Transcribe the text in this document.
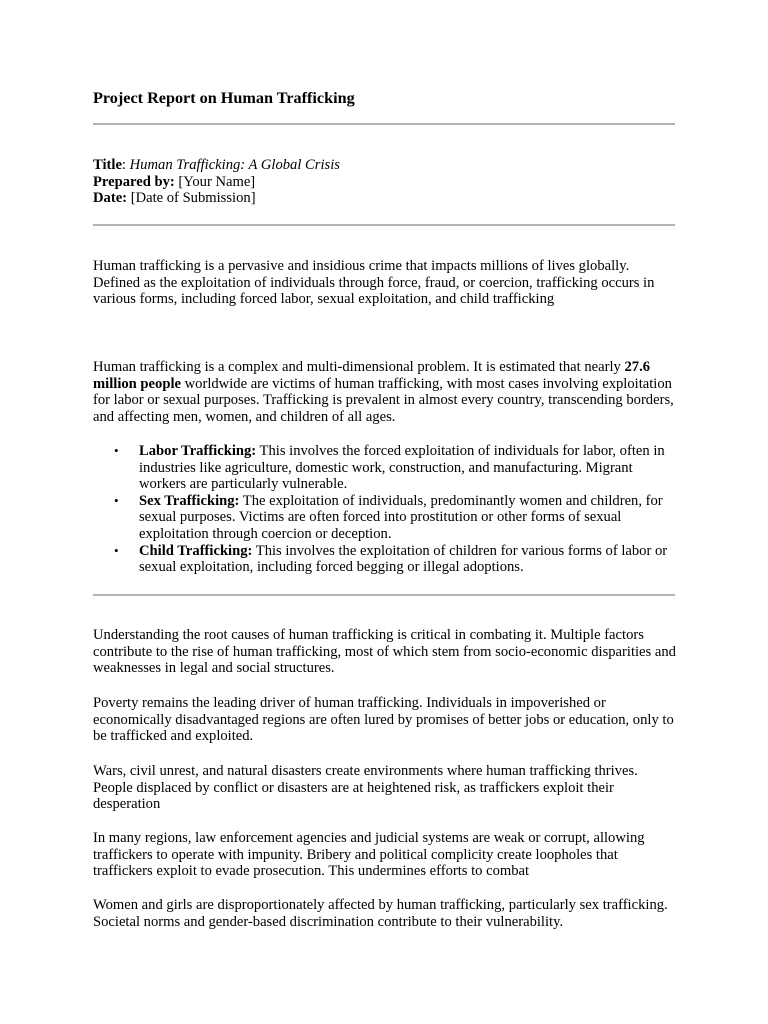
Project Report on Human Trafficking
Title: Human Trafficking: A Global Crisis
Prepared by: [Your Name]
Date: [Date of Submission]

Human trafficking is a pervasive and insidious crime that impacts millions of lives globally. Defined as the exploitation of individuals through force, fraud, or coercion, trafficking occurs in various forms, including forced labor, sexual exploitation, and child trafficking

Human trafficking is a complex and multi-dimensional problem. It is estimated that nearly 27.6 million people worldwide are victims of human trafficking, with most cases involving exploitation for labor or sexual purposes. Trafficking is prevalent in almost every country, transcending borders, and affecting men, women, and children of all ages.

• Labor Trafficking: This involves the forced exploitation of individuals for labor, often in industries like agriculture, domestic work, construction, and manufacturing. Migrant workers are particularly vulnerable.
• Sex Trafficking: The exploitation of individuals, predominantly women and children, for sexual purposes. Victims are often forced into prostitution or other forms of sexual exploitation through coercion or deception.
• Child Trafficking: This involves the exploitation of children for various forms of labor or sexual exploitation, including forced begging or illegal adoptions.

Understanding the root causes of human trafficking is critical in combating it. Multiple factors contribute to the rise of human trafficking, most of which stem from socio-economic disparities and weaknesses in legal and social structures.

Poverty remains the leading driver of human trafficking. Individuals in impoverished or economically disadvantaged regions are often lured by promises of better jobs or education, only to be trafficked and exploited.

Wars, civil unrest, and natural disasters create environments where human trafficking thrives. People displaced by conflict or disasters are at heightened risk, as traffickers exploit their desperation

In many regions, law enforcement agencies and judicial systems are weak or corrupt, allowing traffickers to operate with impunity. Bribery and political complicity create loopholes that traffickers exploit to evade prosecution. This undermines efforts to combat

Women and girls are disproportionately affected by human trafficking, particularly sex trafficking. Societal norms and gender-based discrimination contribute to their vulnerability.
